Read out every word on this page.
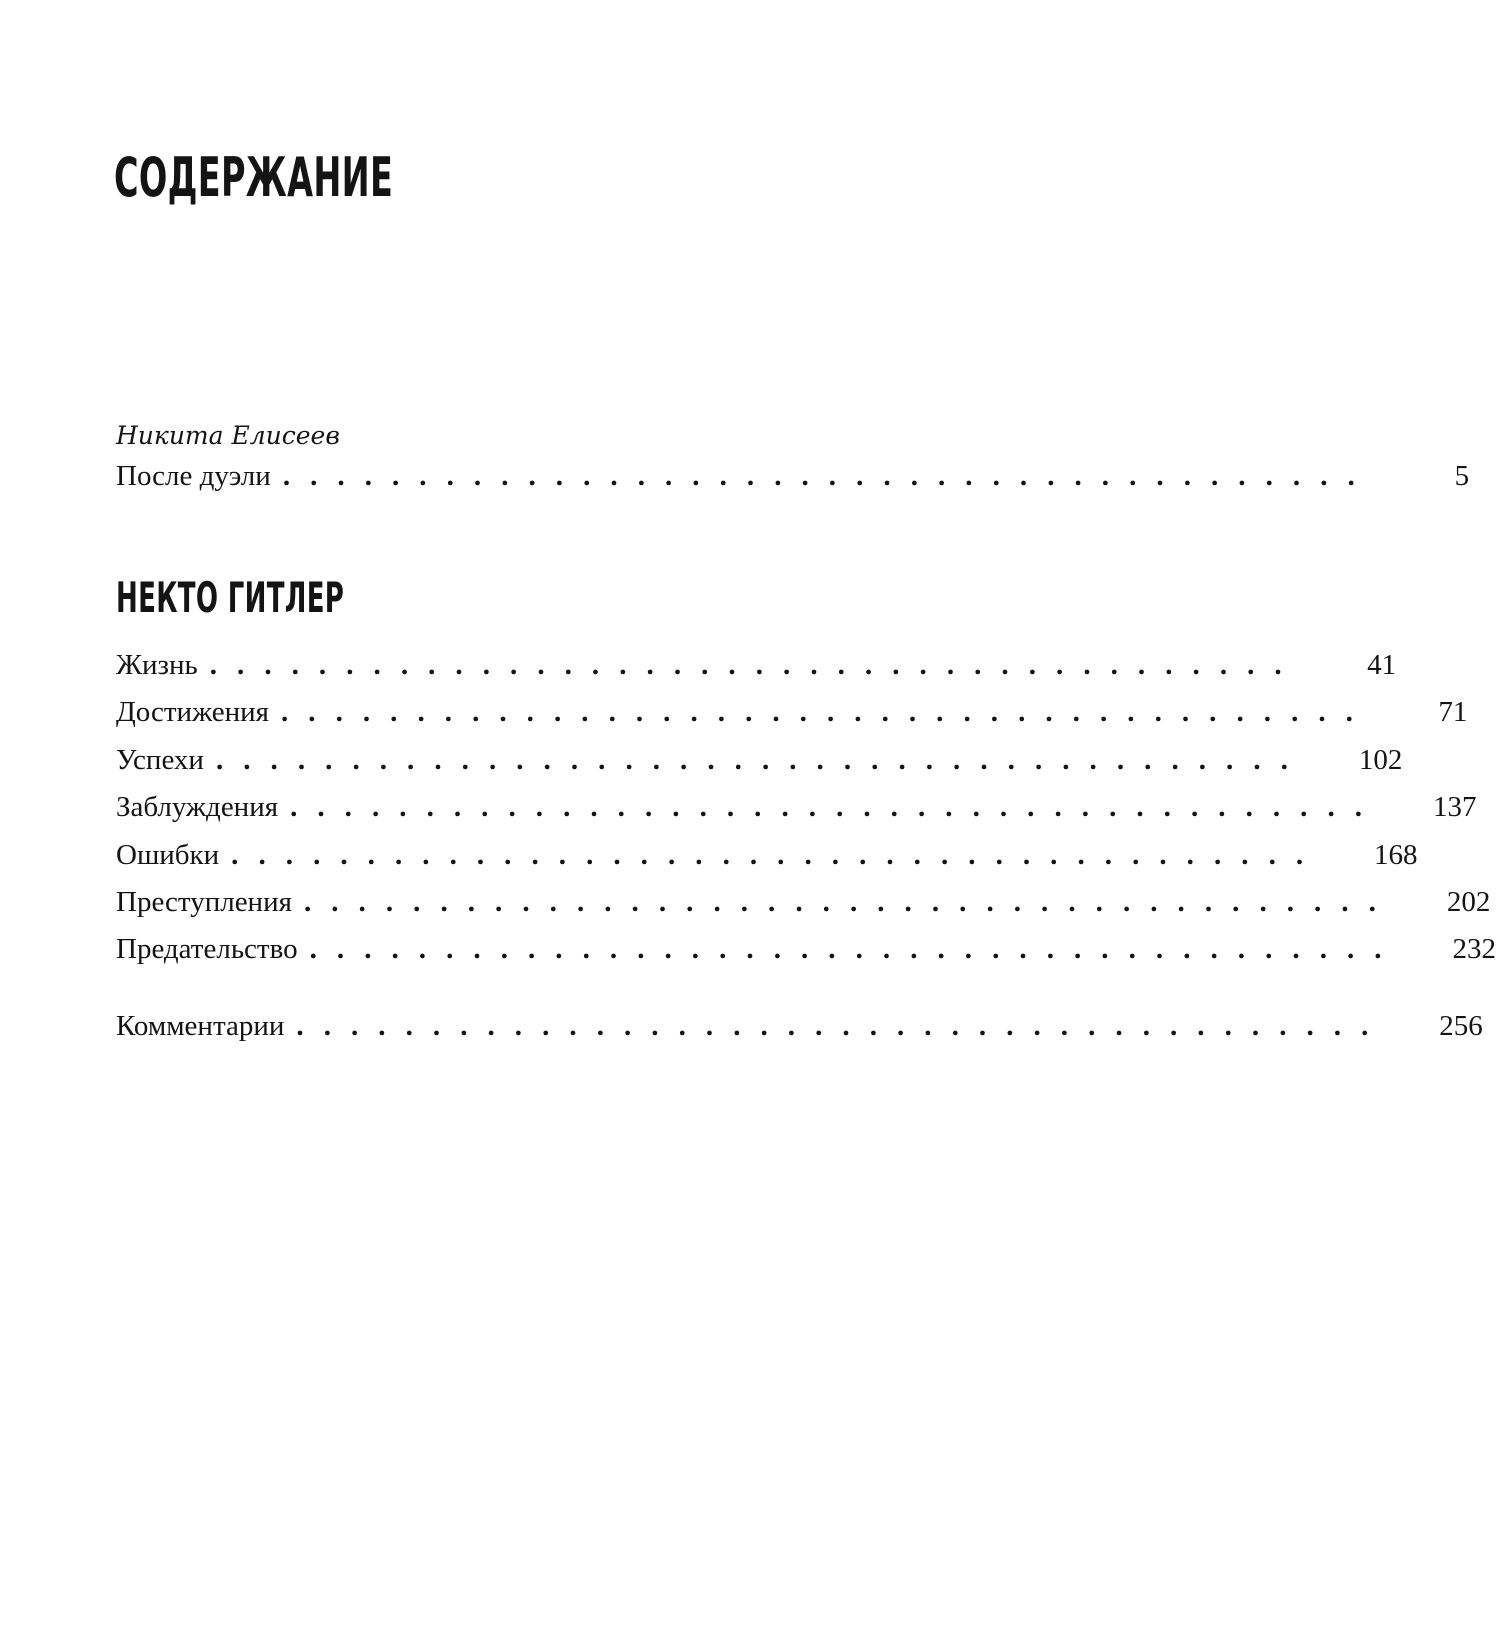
СОДЕРЖАНИЕ
Никита Елисеев
После дуэли . . . . . . . . . . . . . . . . . . . . . . . . . . . . . . . . . . . . . . . .	5
НЕКТО ГИТЛЕР
Жизнь . . . . . . . . . . . . . . . . . . . . . . . . . . . . . . . . . . . . . . . .	41
Достижения . . . . . . . . . . . . . . . . . . . . . . . . . . . . . . . . . . . . . . . .	71
Успехи . . . . . . . . . . . . . . . . . . . . . . . . . . . . . . . . . . . . . . . . 102
Заблуждения . . . . . . . . . . . . . . . . . . . . . . . . . . . . . . . . . . . . . . . . 137
Ошибки . . . . . . . . . . . . . . . . . . . . . . . . . . . . . . . . . . . . . . . . 168
Преступления . . . . . . . . . . . . . . . . . . . . . . . . . . . . . . . . . . . . . . . . 202
Предательство . . . . . . . . . . . . . . . . . . . . . . . . . . . . . . . . . . . . . . . . 232
Комментарии . . . . . . . . . . . . . . . . . . . . . . . . . . . . . . . . . . . . . . . . 256
